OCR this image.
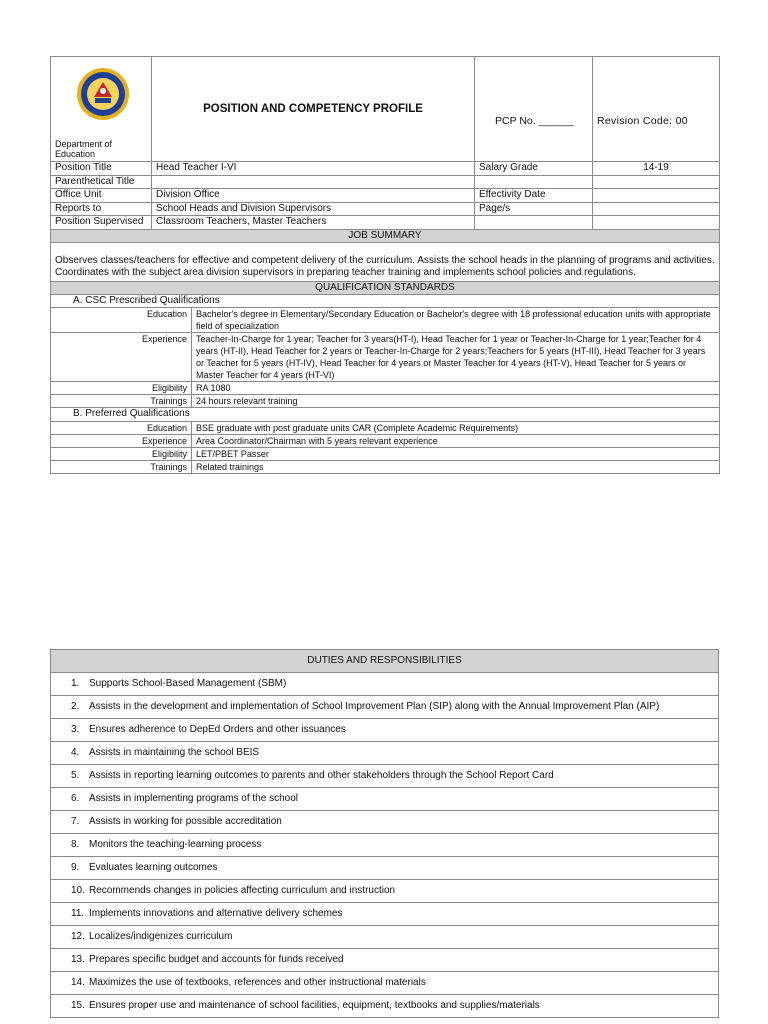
Department of Education	POSITION AND COMPETENCY PROFILE		PCP No. ______	Revision Code: 00
Position Title	Head Teacher I-VI		Salary Grade	14-19
Parenthetical Title				
Office Unit	Division Office		Effectivity Date	
Reports to	School Heads and Division Supervisors		Page/s	
Position Supervised	Classroom Teachers, Master Teachers			
JOB SUMMARY				
Observes classes/teachers for effective and competent delivery of the curriculum. Assists the school heads in the planning of programs and activities. Coordinates with the subject area division supervisors in preparing teacher training and implements school policies and regulations.				
QUALIFICATION STANDARDS				
A. CSC Prescribed Qualifications				
Education		Bachelor's degree in Elementary/Secondary Education or Bachelor's degree with 18 professional education units with appropriate field of specialization		
Experience		Teacher-In-Charge for 1 year; Teacher for 3 years(HT-I), Head Teacher for 1 year or Teacher-In-Charge for 1 year;Teacher for 4 years (HT-II), Head Teacher for 2 years or Teacher-In-Charge for 2 years;Teachers for 5 years (HT-III), Head Teacher for 3 years or Teacher for 5 years (HT-IV), Head Teacher for 4 years or Master Teacher for 4 years (HT-V), Head Teacher for 5 years or Master Teacher for 4 years (HT-VI)		
Eligibility		RA 1080		
Trainings		24 hours relevant training		
B. Preferred Qualifications				
Education		BSE graduate with post graduate units CAR (Complete Academic Requirements)		
Experience		Area Coordinator/Chairman with 5 years relevant experience		
Eligibility		LET/PBET Passer		
Trainings		Related trainings		
DUTIES AND RESPONSIBILITIES
1. Supports School-Based Management (SBM)
2. Assists in the development and implementation of School Improvement Plan (SIP) along with the Annual Improvement Plan (AIP)
3. Ensures adherence to DepEd Orders and other issuances
4. Assists in maintaining the school BEIS
5. Assists in reporting learning outcomes to parents and other stakeholders through the School Report Card
6. Assists in implementing programs of the school
7. Assists in working for possible accreditation
8. Monitors the teaching-learning process
9. Evaluates learning outcomes
10. Recommends changes in policies affecting curriculum and instruction
11. Implements innovations and alternative delivery schemes
12. Localizes/indigenizes curriculum
13. Prepares specific budget and accounts for funds received
14. Maximizes the use of textbooks, references and other instructional materials
15. Ensures proper use and maintenance of school facilities, equipment, textbooks and supplies/materials
